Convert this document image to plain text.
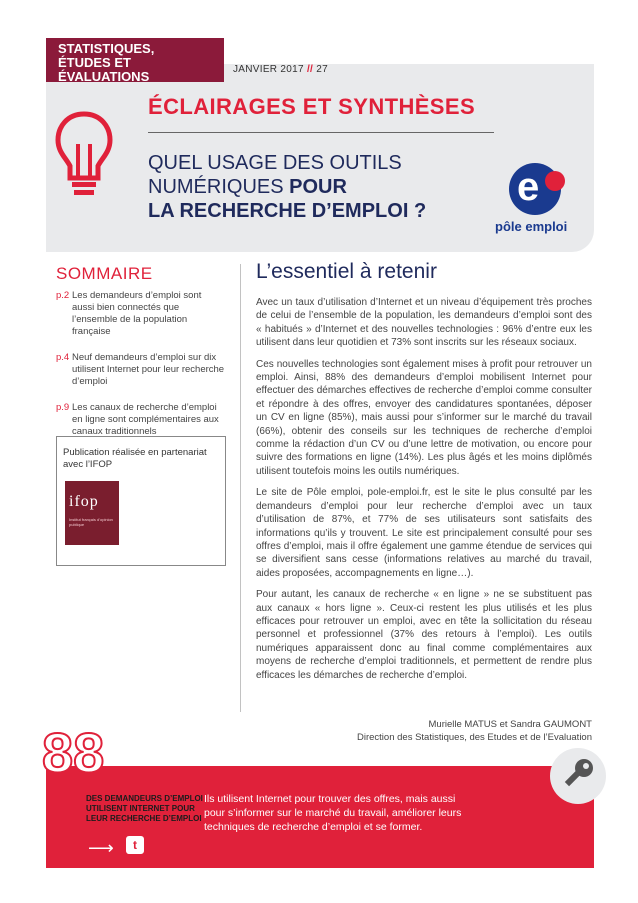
STATISTIQUES,
ÉTUDES ET ÉVALUATIONS	JANVIER 2017 // 27
ÉCLAIRAGES ET SYNTHÈSES
QUEL USAGE DES OUTILS
NUMÉRIQUES POUR
LA RECHERCHE D’EMPLOI ?
e
pôle emploi
SOMMAIRE
p.2 Les demandeurs d’emploi sont aussi bien connectés que l’ensemble de la population française
p.4 Neuf demandeurs d’emploi sur dix utilisent Internet pour leur recherche d’emploi
p.9 Les canaux de recherche d’emploi en ligne sont complémentaires aux canaux traditionnels
Publication réalisée en partenariat avec l’IFOP
ifop
Institut français d'opinion publique
L’essentiel à retenir

Avec un taux d’utilisation d’Internet et un niveau d’équipement très proches de celui de l’ensemble de la population, les demandeurs d’emploi sont des « habitués » d’Internet et des nouvelles technologies : 96% d’entre eux les utilisent dans leur quotidien et 73% sont inscrits sur les réseaux sociaux.

Ces nouvelles technologies sont également mises à profit pour retrouver un emploi. Ainsi, 88% des demandeurs d’emploi mobilisent Internet pour effectuer des démarches effectives de recherche d’emploi comme consulter et répondre à des offres, envoyer des candidatures spontanées, déposer un CV en ligne (85%), mais aussi pour s’informer sur le marché du travail (66%), obtenir des conseils sur les techniques de recherche d’emploi comme la rédaction d’un CV ou d’une lettre de motivation, ou encore pour suivre des formations en ligne (14%). Les plus âgés et les moins diplômés utilisent toutefois moins les outils numériques.

Le site de Pôle emploi, pole-emploi.fr, est le site le plus consulté par les demandeurs d’emploi pour leur recherche d’emploi avec un taux d’utilisation de 87%, et 77% de ses utilisateurs sont satisfaits des informations qu’ils y trouvent. Le site est principalement consulté pour ses offres d’emploi, mais il offre également une gamme étendue de services qui se diversifient sans cesse (informations relatives au marché du travail, aides proposées, accompagnements en ligne…).

Pour autant, les canaux de recherche « en ligne » ne se substituent pas aux canaux « hors ligne ». Ceux-ci restent les plus utilisés et les plus efficaces pour retrouver un emploi, avec en tête la sollicitation du réseau personnel et professionnel (37% des retours à l’emploi). Les outils numériques apparaissent donc au final comme complémentaires aux moyens de recherche d’emploi traditionnels, et permettent de rendre plus efficaces les démarches de recherche d’emploi.

Murielle MATUS et Sandra GAUMONT
Direction des Statistiques, des Etudes et de l’Evaluation
DES DEMANDEURS D’EMPLOI UTILISENT INTERNET POUR LEUR RECHERCHE D’EMPLOI
⟶	t
Ils utilisent Internet pour trouver des offres, mais aussi pour s’informer sur le marché du travail, améliorer leurs techniques de recherche d’emploi et se former.
88	%
